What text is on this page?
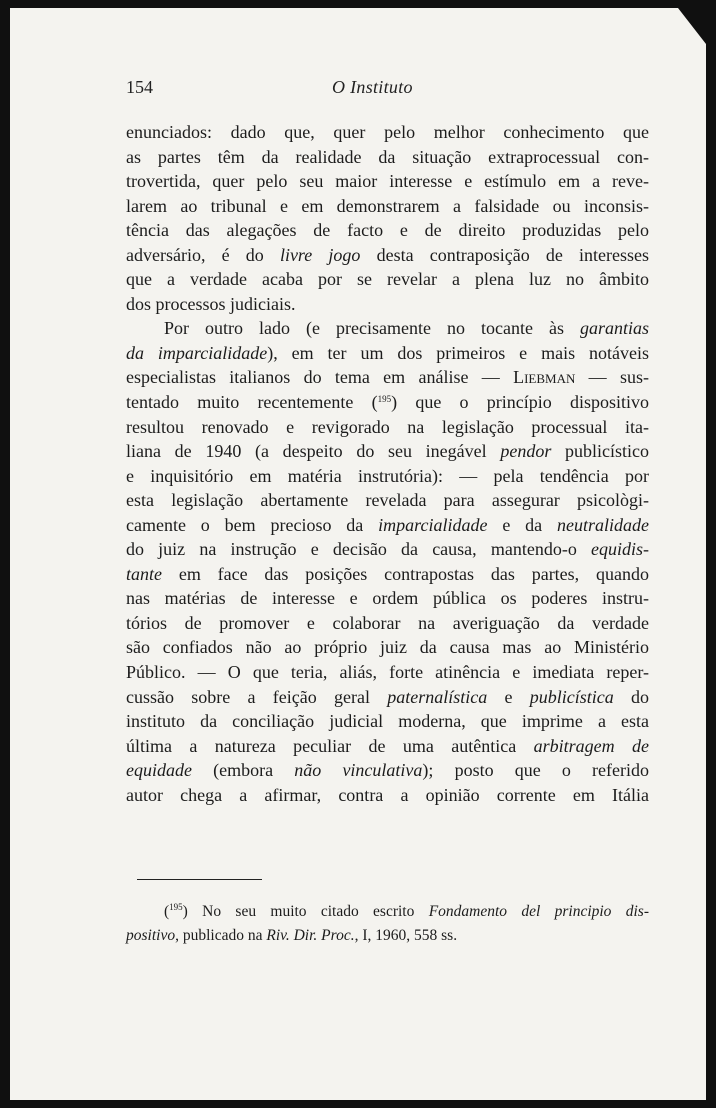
154	O Instituto
enunciados: dado que, quer pelo melhor conhecimento que
as partes têm da realidade da situação extraprocessual con-
trovertida, quer pelo seu maior interesse e estímulo em a reve-
larem ao tribunal e em demonstrarem a falsidade ou inconsis-
tência das alegações de facto e de direito produzidas pelo
adversário, é do livre jogo desta contraposição de interesses
que a verdade acaba por se revelar a plena luz no âmbito
dos processos judiciais.
Por outro lado (e precisamente no tocante às garantias
da imparcialidade), em ter um dos primeiros e mais notáveis
especialistas italianos do tema em análise — Liebman — sus-
tentado muito recentemente ($^{195}$) que o princípio dispositivo
resultou renovado e revigorado na legislação processual ita-
liana de 1940 (a despeito do seu inegável pendor publicístico
e inquisitório em matéria instrutória): — pela tendência por
esta legislação abertamente revelada para assegurar psicològi-
camente o bem precioso da imparcialidade e da neutralidade
do juiz na instrução e decisão da causa, mantendo-o equidis-
tante em face das posições contrapostas das partes, quando
nas matérias de interesse e ordem pública os poderes instru-
tórios de promover e colaborar na averiguação da verdade
são confiados não ao próprio juiz da causa mas ao Ministério
Público. — O que teria, aliás, forte atinência e imediata reper-
cussão sobre a feição geral paternalística e publicística do
instituto da conciliação judicial moderna, que imprime a esta
última a natureza peculiar de uma autêntica arbitragem de
equidade (embora não vinculativa); posto que o referido
autor chega a afirmar, contra a opinião corrente em Itália
($^{195}$) No seu muito citado escrito Fondamento del principio dis-
positivo, publicado na Riv. Dir. Proc., I, 1960, 558 ss.
